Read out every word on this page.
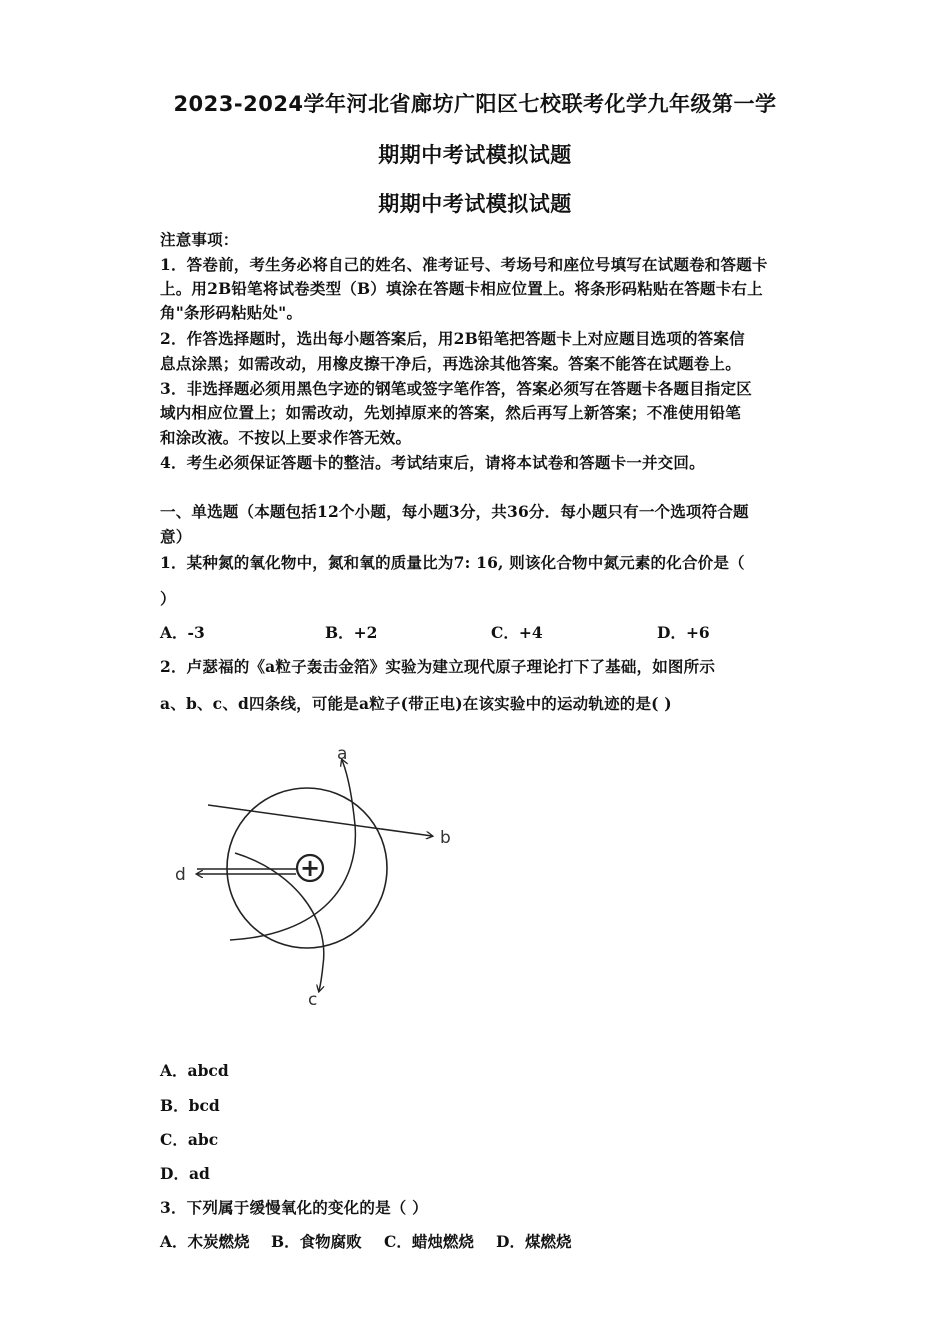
2023-2024学年河北省廊坊广阳区七校联考化学九年级第一学
期期中考试模拟试题
期期中考试模拟试题
注意事项：
1．答卷前，考生务必将自己的姓名、准考证号、考场号和座位号填写在试题卷和答题卡
上。用2B铅笔将试卷类型（B）填涂在答题卡相应位置上。将条形码粘贴在答题卡右上
角"条形码粘贴处"。
2．作答选择题时，选出每小题答案后，用2B铅笔把答题卡上对应题目选项的答案信
息点涂黑；如需改动，用橡皮擦干净后，再选涂其他答案。答案不能答在试题卷上。
3．非选择题必须用黑色字迹的钢笔或签字笔作答，答案必须写在答题卡各题目指定区
域内相应位置上；如需改动，先划掉原来的答案，然后再写上新答案；不准使用铅笔
和涂改液。不按以上要求作答无效。
4．考生必须保证答题卡的整洁。考试结束后，请将本试卷和答题卡一并交回。
一、单选题（本题包括12个小题，每小题3分，共36分．每小题只有一个选项符合题
意）
1．某种氮的氧化物中，氮和氧的质量比为7: 16, 则该化合物中氮元素的化合价是（
）
A．-3	B．+2	C．+4	D．+6
2．卢瑟福的《a粒子轰击金箔》实验为建立现代原子理论打下了基础，如图所示
a、b、c、d四条线，可能是a粒子(带正电)在该实验中的运动轨迹的是( )
+
a
b
c
d
A．abcd
B．bcd
C．abc
D．ad
3．下列属于缓慢氧化的变化的是（ ）
A．木炭燃烧 B．食物腐败 C．蜡烛燃烧 D．煤燃烧
